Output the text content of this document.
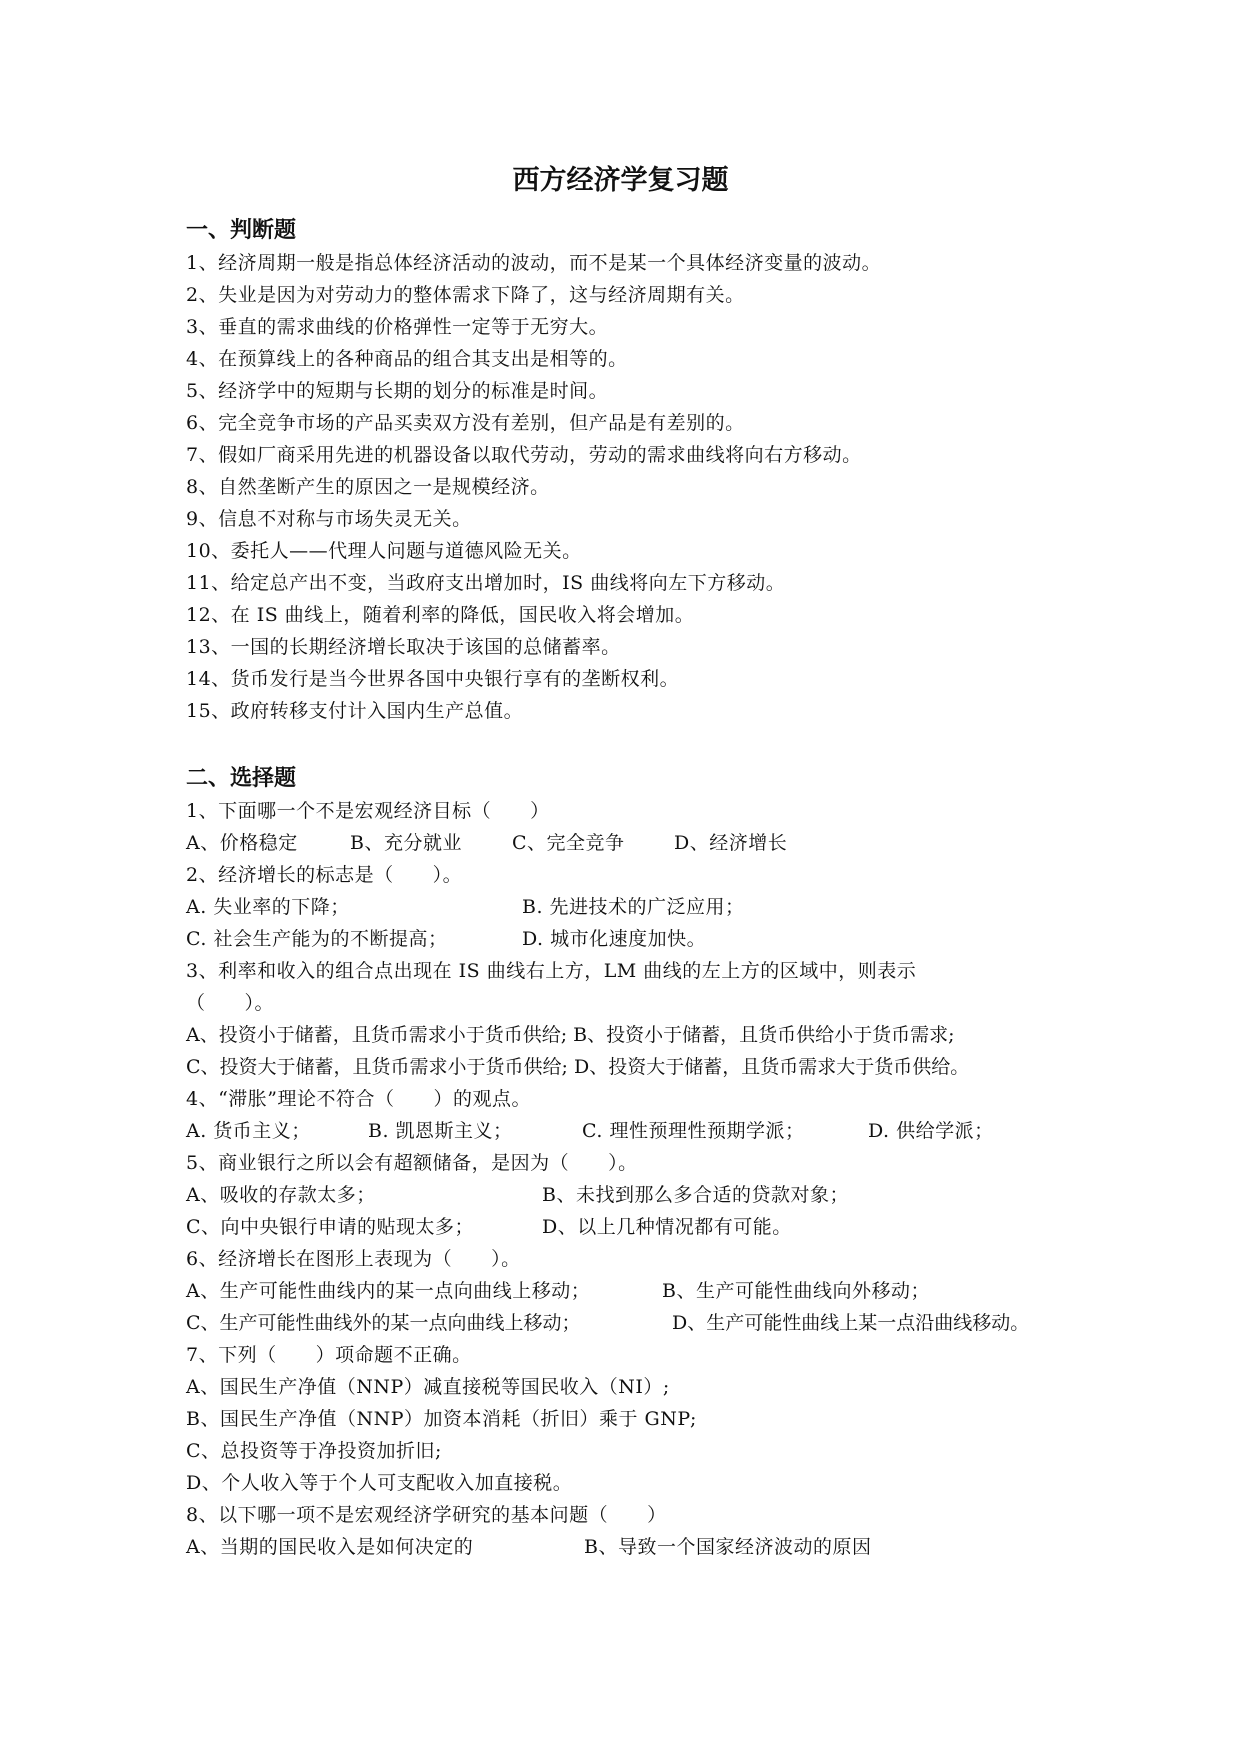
西方经济学复习题
一、判断题
1、经济周期一般是指总体经济活动的波动，而不是某一个具体经济变量的波动。
2、失业是因为对劳动力的整体需求下降了，这与经济周期有关。
3、垂直的需求曲线的价格弹性一定等于无穷大。
4、在预算线上的各种商品的组合其支出是相等的。
5、经济学中的短期与长期的划分的标准是时间。
6、完全竞争市场的产品买卖双方没有差别，但产品是有差别的。
7、假如厂商采用先进的机器设备以取代劳动，劳动的需求曲线将向右方移动。
8、自然垄断产生的原因之一是规模经济。
9、信息不对称与市场失灵无关。
10、委托人——代理人问题与道德风险无关。
11、给定总产出不变，当政府支出增加时，IS 曲线将向左下方移动。
12、在 IS 曲线上，随着利率的降低，国民收入将会增加。
13、一国的长期经济增长取决于该国的总储蓄率。
14、货币发行是当今世界各国中央银行享有的垄断权利。
15、政府转移支付计入国内生产总值。
二、选择题
1、下面哪一个不是宏观经济目标（　　）
A、价格稳定	B、充分就业	C、完全竞争	D、经济增长
2、经济增长的标志是（　　）。
A. 失业率的下降；	B. 先进技术的广泛应用；
C. 社会生产能为的不断提高；	D. 城市化速度加快。
3、利率和收入的组合点出现在 IS 曲线右上方，LM 曲线的左上方的区域中，则表示
（　　）。
A、投资小于储蓄，且货币需求小于货币供给; B、投资小于储蓄，且货币供给小于货币需求;
C、投资大于储蓄，且货币需求小于货币供给; D、投资大于储蓄，且货币需求大于货币供给。
4、“滞胀”理论不符合（　　）的观点。
A. 货币主义；	B. 凯恩斯主义；	C. 理性预理性预期学派；	D. 供给学派；
5、商业银行之所以会有超额储备，是因为（　　）。
A、吸收的存款太多；	B、未找到那么多合适的贷款对象；
C、向中央银行申请的贴现太多；	D、以上几种情况都有可能。
6、经济增长在图形上表现为（　　）。
A、生产可能性曲线内的某一点向曲线上移动；	B、生产可能性曲线向外移动；
C、生产可能性曲线外的某一点向曲线上移动；	D、生产可能性曲线上某一点沿曲线移动。
7、下列（　　）项命题不正确。
A、国民生产净值（NNP）减直接税等国民收入（NI）;
B、国民生产净值（NNP）加资本消耗（折旧）乘于 GNP;
C、总投资等于净投资加折旧;
D、个人收入等于个人可支配收入加直接税。
8、以下哪一项不是宏观经济学研究的基本问题（　　）
A、当期的国民收入是如何决定的	B、导致一个国家经济波动的原因
